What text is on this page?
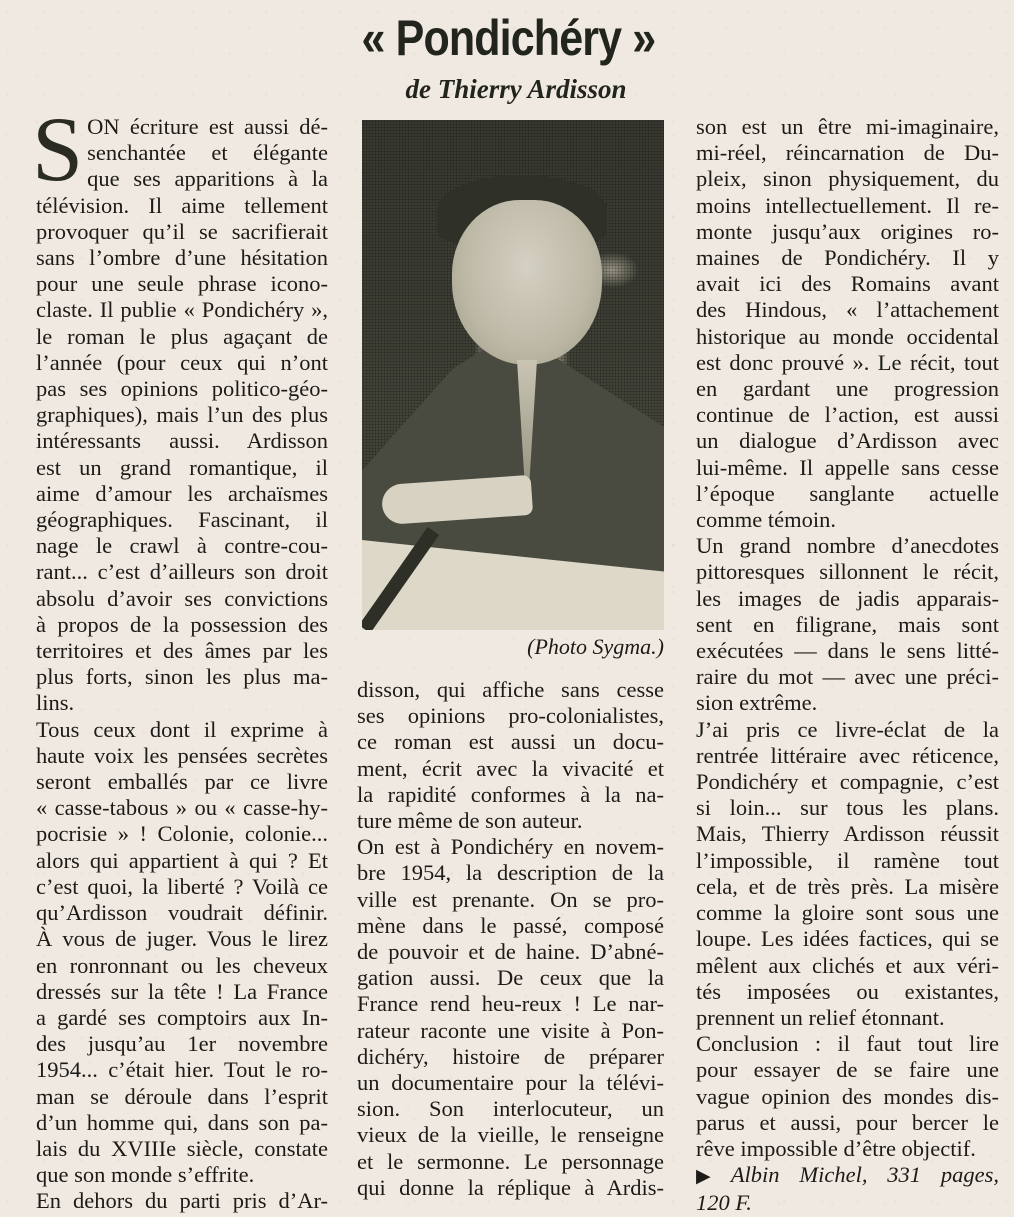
« Pondichéry »
de Thierry Ardisson
S ON écriture est aussi dé-
senchantée et élégante
que ses apparitions à la
télévision. Il aime tellement
provoquer qu’il se sacrifierait
sans l’ombre d’une hésitation
pour une seule phrase icono-
claste. Il publie « Pondichéry »,
le roman le plus agaçant de
l’année (pour ceux qui n’ont
pas ses opinions politico-géo-
graphiques), mais l’un des plus
intéressants aussi. Ardisson
est un grand romantique, il
aime d’amour les archaïsmes
géographiques. Fascinant, il
nage le crawl à contre-cou-
rant... c’est d’ailleurs son droit
absolu d’avoir ses convictions
à propos de la possession des
territoires et des âmes par les
plus forts, sinon les plus ma-
lins.
Tous ceux dont il exprime à
haute voix les pensées secrètes
seront emballés par ce livre
« casse-tabous » ou « casse-hy-
pocrisie » ! Colonie, colonie...
alors qui appartient à qui ? Et
c’est quoi, la liberté ? Voilà ce
qu’Ardisson voudrait définir.
À vous de juger. Vous le lirez
en ronronnant ou les cheveux
dressés sur la tête ! La France
a gardé ses comptoirs aux In-
des jusqu’au 1er novembre
1954... c’était hier. Tout le ro-
man se déroule dans l’esprit
d’un homme qui, dans son pa-
lais du XVIIIe siècle, constate
que son monde s’effrite.
En dehors du parti pris d’Ar-
(Photo Sygma.)
disson, qui affiche sans cesse
ses opinions pro-colonialistes,
ce roman est aussi un docu-
ment, écrit avec la vivacité et
la rapidité conformes à la na-
ture même de son auteur.
On est à Pondichéry en novem-
bre 1954, la description de la
ville est prenante. On se pro-
mène dans le passé, composé
de pouvoir et de haine. D’abné-
gation aussi. De ceux que la
France rend heu-reux ! Le nar-
rateur raconte une visite à Pon-
dichéry, histoire de préparer
un documentaire pour la télévi-
sion. Son interlocuteur, un
vieux de la vieille, le renseigne
et le sermonne. Le personnage
qui donne la réplique à Ardis-
son est un être mi-imaginaire,
mi-réel, réincarnation de Du-
pleix, sinon physiquement, du
moins intellectuellement. Il re-
monte jusqu’aux origines ro-
maines de Pondichéry. Il y
avait ici des Romains avant
des Hindous, « l’attachement
historique au monde occidental
est donc prouvé ». Le récit, tout
en gardant une progression
continue de l’action, est aussi
un dialogue d’Ardisson avec
lui-même. Il appelle sans cesse
l’époque sanglante actuelle
comme témoin.
Un grand nombre d’anecdotes
pittoresques sillonnent le récit,
les images de jadis apparais-
sent en filigrane, mais sont
exécutées — dans le sens litté-
raire du mot — avec une préci-
sion extrême.
J’ai pris ce livre-éclat de la
rentrée littéraire avec réticence,
Pondichéry et compagnie, c’est
si loin... sur tous les plans.
Mais, Thierry Ardisson réussit
l’impossible, il ramène tout
cela, et de très près. La misère
comme la gloire sont sous une
loupe. Les idées factices, qui se
mêlent aux clichés et aux véri-
tés imposées ou existantes,
prennent un relief étonnant.
Conclusion : il faut tout lire
pour essayer de se faire une
vague opinion des mondes dis-
parus et aussi, pour bercer le
rêve impossible d’être objectif.
▶ Albin Michel, 331 pages,
120 F.
